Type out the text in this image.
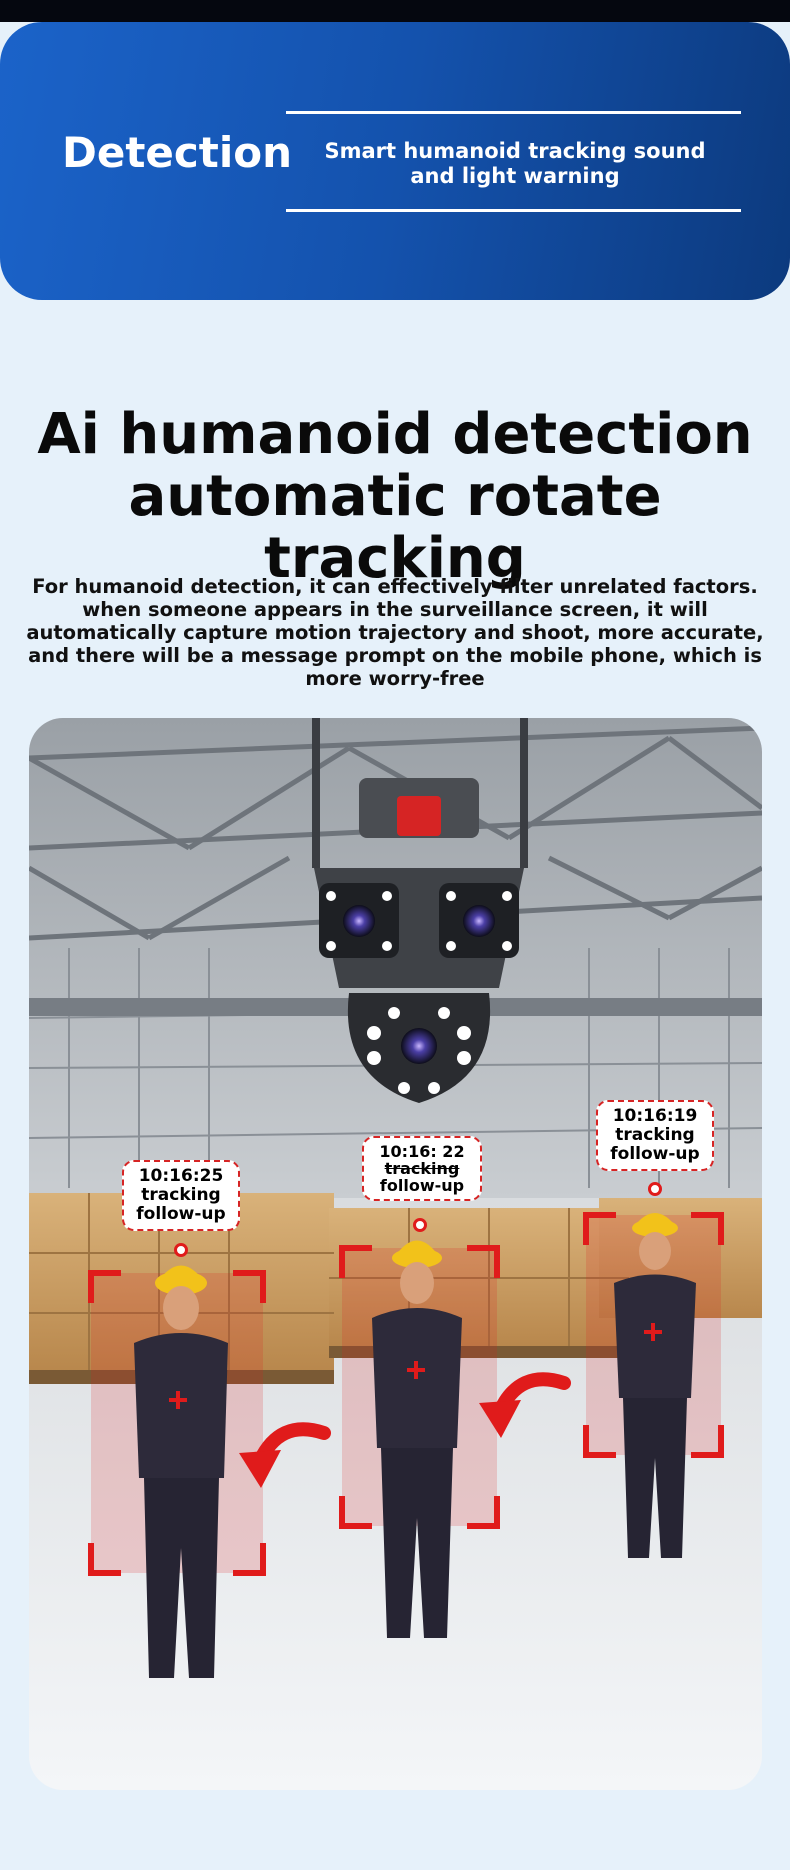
Detection	Smart humanoid tracking sound and light warning
Ai humanoid detection
automatic rotate tracking
For humanoid detection, it can effectively filter unrelated factors. when someone appears in the surveillance screen, it will automatically capture motion trajectory and shoot, more accurate, and there will be a message prompt on the mobile phone, which is more worry-free
10:16:25
tracking
follow-up
10:16: 22
tracking
follow-up
10:16:19
tracking
follow-up
